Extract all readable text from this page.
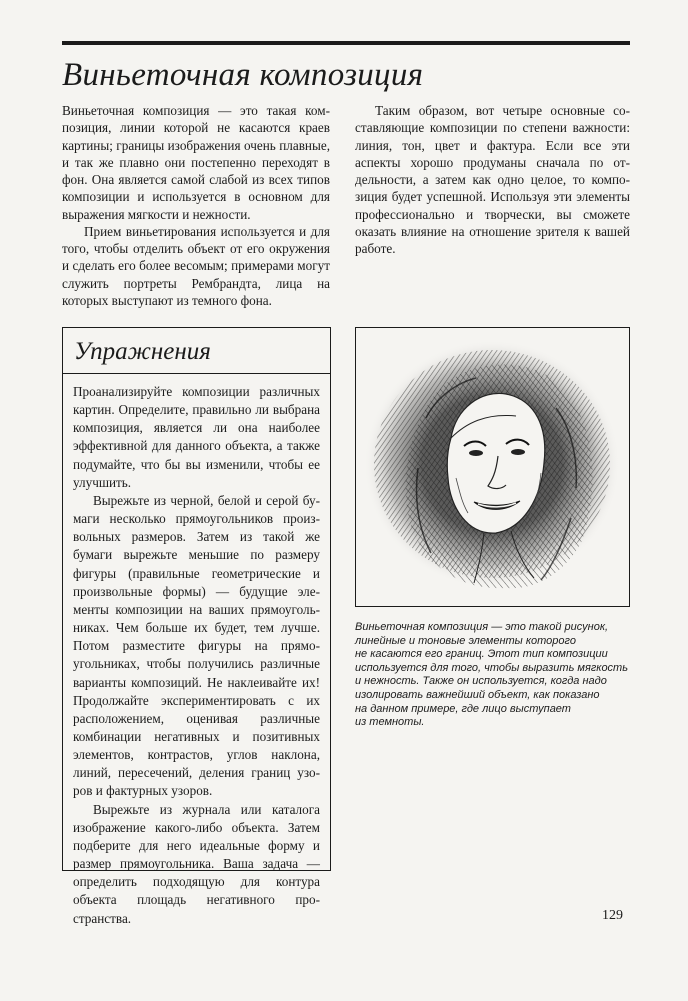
Виньеточная композиция

Виньеточная композиция — это такая композиция, линии которой не касаются краев картины; границы изображения очень плавные, и так же плавно они постепенно переходят в фон. Она является самой слабой из всех типов композиции и используется в основном для выражения мягкости и нежности.

Прием виньетирования используется и для того, чтобы отделить объект от его окружения и сделать его более весомым; примерами могут служить портреты Рембрандта, лица на которых выступают из темного фона.

Таким образом, вот четыре основные составляющие композиции по степени важности: линия, тон, цвет и фактура. Если все эти аспекты хорошо продуманы сначала по отдельности, а затем как одно целое, то композиция будет успешной. Используя эти элементы профессионально и творчески, вы сможете оказать влияние на отношение зрителя к вашей работе.

Упражнения

Проанализируйте композиции различных картин. Определите, правильно ли выбрана композиция, является ли она наиболее эффективной для данного объекта, а также подумайте, что бы вы изменили, чтобы ее улучшить.

Вырежьте из черной, белой и серой бумаги несколько прямоугольников произвольных размеров. Затем из такой же бумаги вырежьте меньшие по размеру фигуры (правильные геометрические и произвольные формы) — будущие элементы композиции на ваших прямоугольниках. Чем больше их будет, тем лучше. Потом разместите фигуры на прямоугольниках, чтобы получились различные варианты композиций. Не наклеивайте их! Продолжайте экспериментировать с их расположением, оценивая различные комбинации негативных и позитивных элементов, контрастов, углов наклона, линий, пересечений, деления границ узоров и фактурных узоров.

Вырежьте из журнала или каталога изображение какого-либо объекта. Затем подберите для него идеальные форму и размер прямоугольника. Ваша задача — определить подходящую для контура объекта площадь негативного пространства.

Виньеточная композиция — это такой рисунок,
линейные и тоновые элементы которого
не касаются его границ. Этот тип композиции
используется для того, чтобы выразить мягкость
и нежность. Также он используется, когда надо
изолировать важнейший объект, как показано
на данном примере, где лицо выступает
из темноты.
129
